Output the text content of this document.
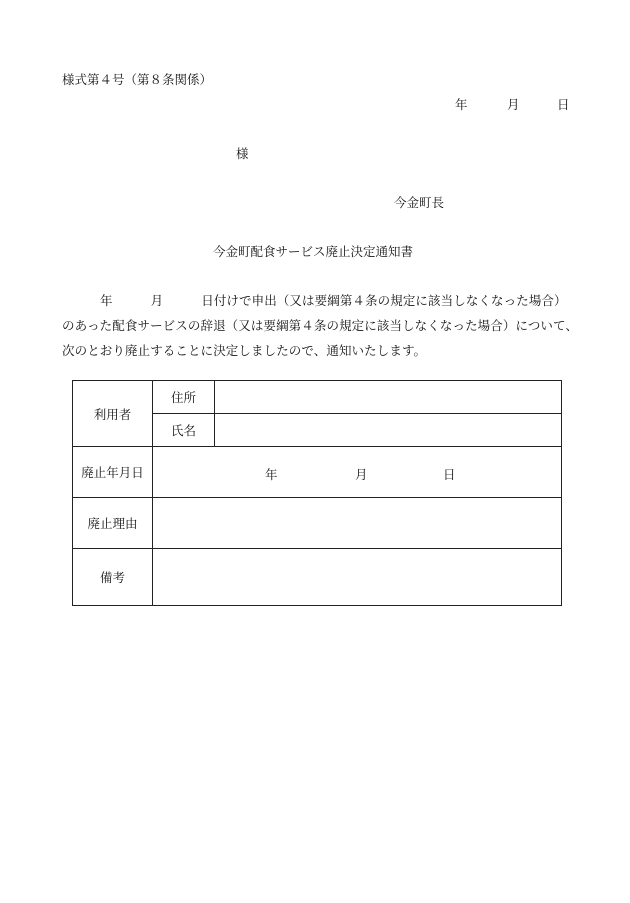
様式第４号（第８条関係）
年	月	日
様
今金町長
今金町配食サービス廃止決定通知書
年	月	日付けで申出（又は要綱第４条の規定に該当しなくなった場合）
のあった配食サービスの辞退（又は要綱第４条の規定に該当しなくなった場合）について、
次のとおり廃止することに決定しましたので、通知いたします。
利用者	住所	
	氏名	
廃止年月日	年 月 日	

廃止理由		
備考		
